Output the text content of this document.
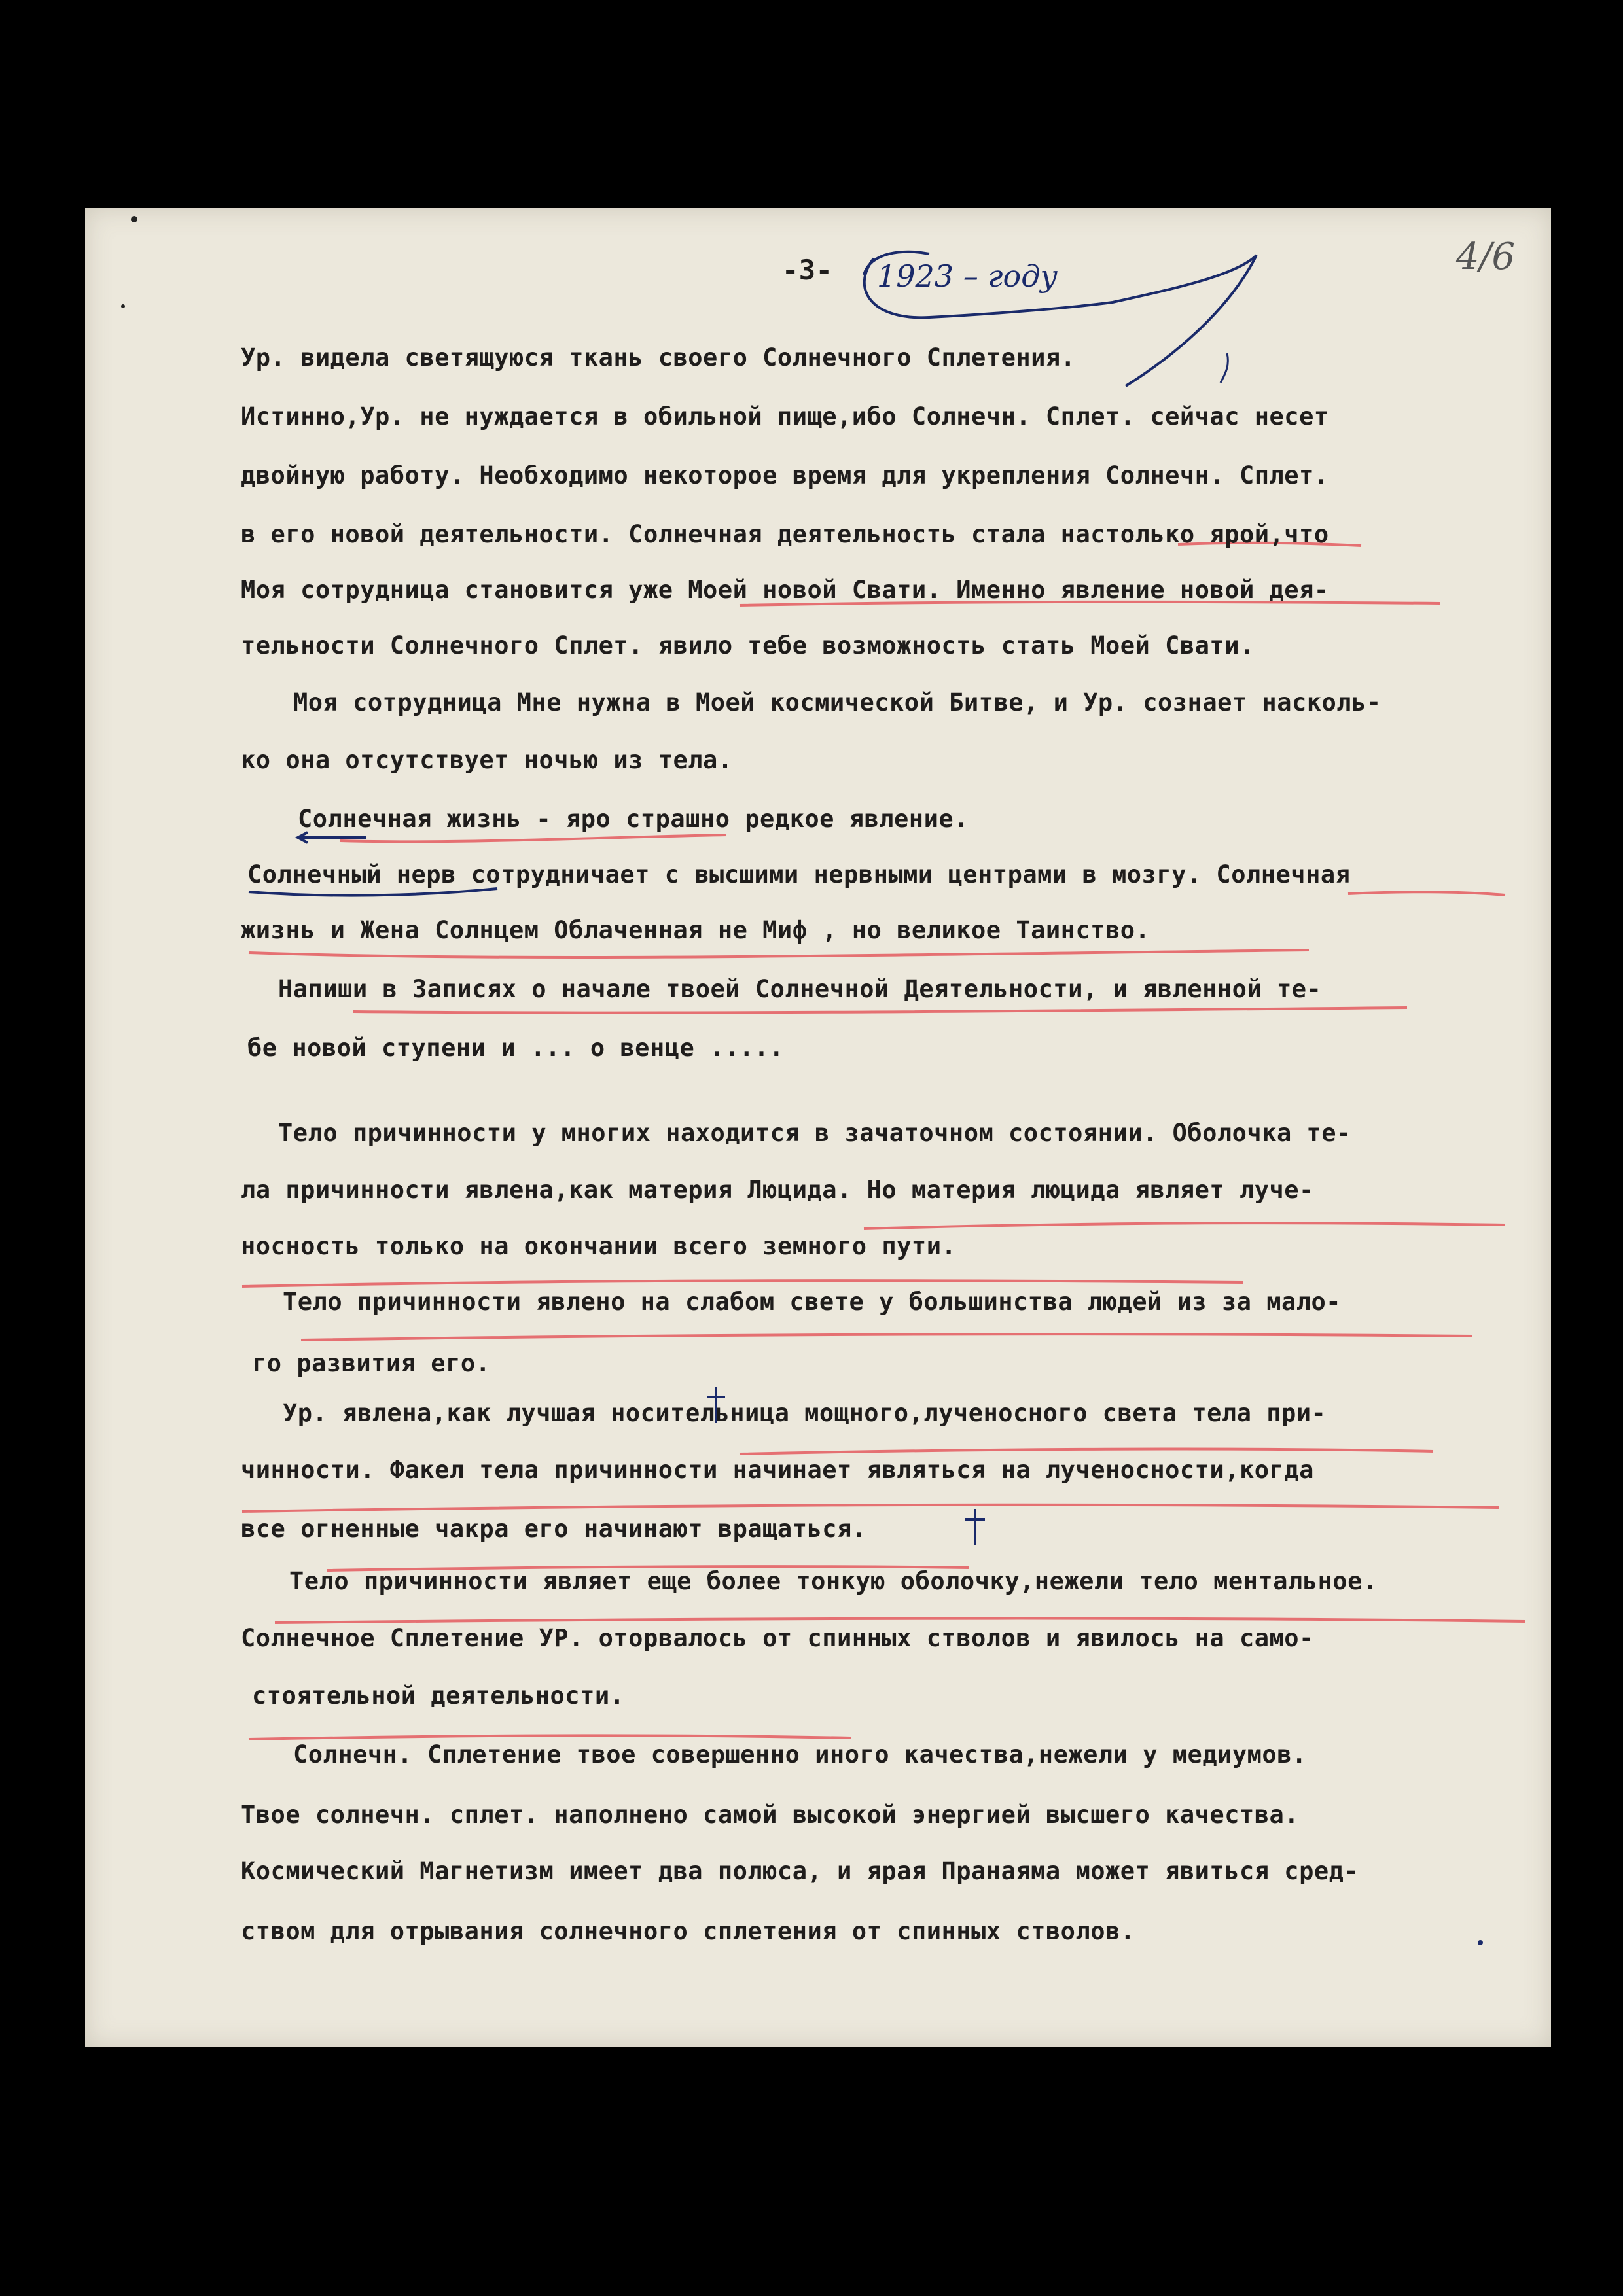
-3- 1923 – году	4/6
Ур. видела светящуюся ткань своего Солнечного Сплетения.
Истинно,Ур. не нуждается в обильной пище,ибо Солнечн. Сплет. сейчас несет
двойную работу. Необходимо некоторое время для укрепления Солнечн. Сплет.
в его новой деятельности. Солнечная деятельность стала настолько ярой,что
Моя сотрудница становится уже Моей новой Свати. Именно явление новой дея-
тельности Солнечного Сплет. явило тебе возможность стать Моей Свати.
Моя сотрудница Мне нужна в Моей космической Битве, и Ур. сознает насколь-
ко она отсутствует ночью из тела.
Солнечная жизнь - яро страшно редкое явление.
Солнечный нерв сотрудничает с высшими нервными центрами в мозгу. Солнечная
жизнь и Жена Солнцем Облаченная не Миф , но великое Таинство.
Напиши в Записях о начале твоей Солнечной Деятельности, и явленной те-
бе новой ступени и ... о венце .....
Тело причинности у многих находится в зачаточном состоянии. Оболочка те-
ла причинности явлена,как материя Люцида. Но материя люцида являет луче-
носность только на окончании всего земного пути.
Тело причинности явлено на слабом свете у большинства людей из за мало-
го развития его.
Ур. явлена,как лучшая носительница мощного,лученосного света тела при-
чинности. Факел тела причинности начинает являться на лученосности,когда
все огненные чакра его начинают вращаться.
Тело причинности являет еще более тонкую оболочку,нежели тело ментальное.
Солнечное Сплетение УР. оторвалось от спинных стволов и явилось на само-
стоятельной деятельности.
Солнечн. Сплетение твое совершенно иного качества,нежели у медиумов.
Твое солнечн. сплет. наполнено самой высокой энергией высшего качества.
Космический Магнетизм имеет два полюса, и ярая Пранаяма может явиться сред-
ством для отрывания солнечного сплетения от спинных стволов.
